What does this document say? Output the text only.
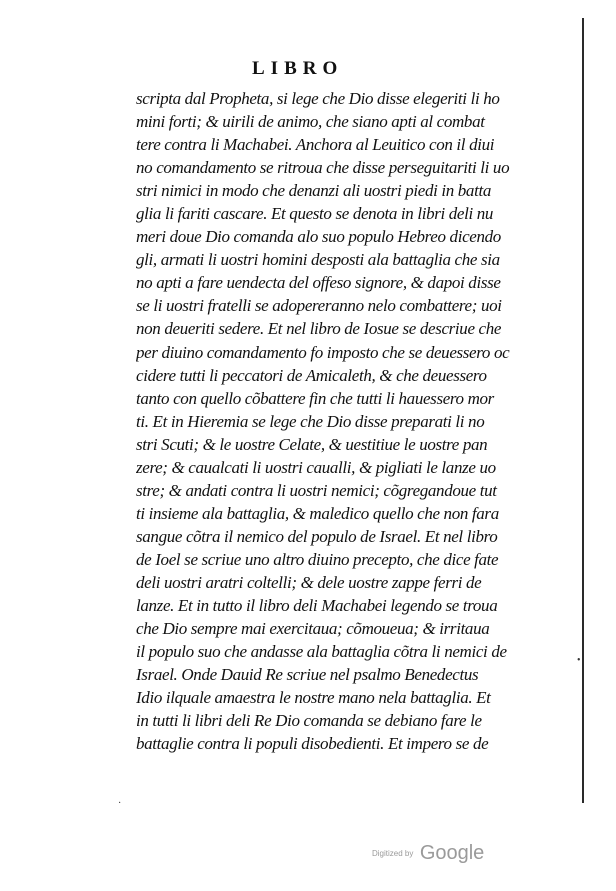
LIBRO
scripta dal Propheta, si lege che Dio disse elegeriti li ho
mini forti; & uirili de animo, che siano apti al combat
tere contra li Machabei. Anchora al Leuitico con il diui
no comandamento se ritroua che disse perseguitariti li uo
stri nimici in modo che denanzi ali uostri piedi in batta
glia li fariti cascare. Et questo se denota in libri deli nu
meri doue Dio comanda alo suo populo Hebreo dicendo
gli, armati li uostri homini desposti ala battaglia che sia
no apti a fare uendecta del offeso signore, & dapoi disse
se li uostri fratelli se adopereranno nelo combattere; uoi
non deueriti sedere. Et nel libro de Iosue se descriue che
per diuino comandamento fo imposto che se deuessero oc
cidere tutti li peccatori de Amicaleth, & che deuessero
tanto con quello cõbattere fin che tutti li hauessero mor
ti. Et in Hieremia se lege che Dio disse preparati li no
stri Scuti; & le uostre Celate, & uestitiue le uostre pan
zere; & caualcati li uostri caualli, & pigliati le lanze uo
stre; & andati contra li uostri nemici; cõgregandoue tut
ti insieme ala battaglia, & maledico quello che non fara
sangue cõtra il nemico del populo de Israel. Et nel libro
de Ioel se scriue uno altro diuino precepto, che dice fate
deli uostri aratri coltelli; & dele uostre zappe ferri de
lanze. Et in tutto il libro deli Machabei legendo se troua
che Dio sempre mai exercitaua; cõmoueua; & irritaua
il populo suo che andasse ala battaglia cõtra li nemici de
Israel. Onde Dauid Re scriue nel psalmo Benedectus
Idio ilquale amaestra le nostre mano nela battaglia. Et
in tutti li libri deli Re Dio comanda se debiano fare le
battaglie contra li populi disobedienti. Et impero se de
•
·
Digitized by Google
